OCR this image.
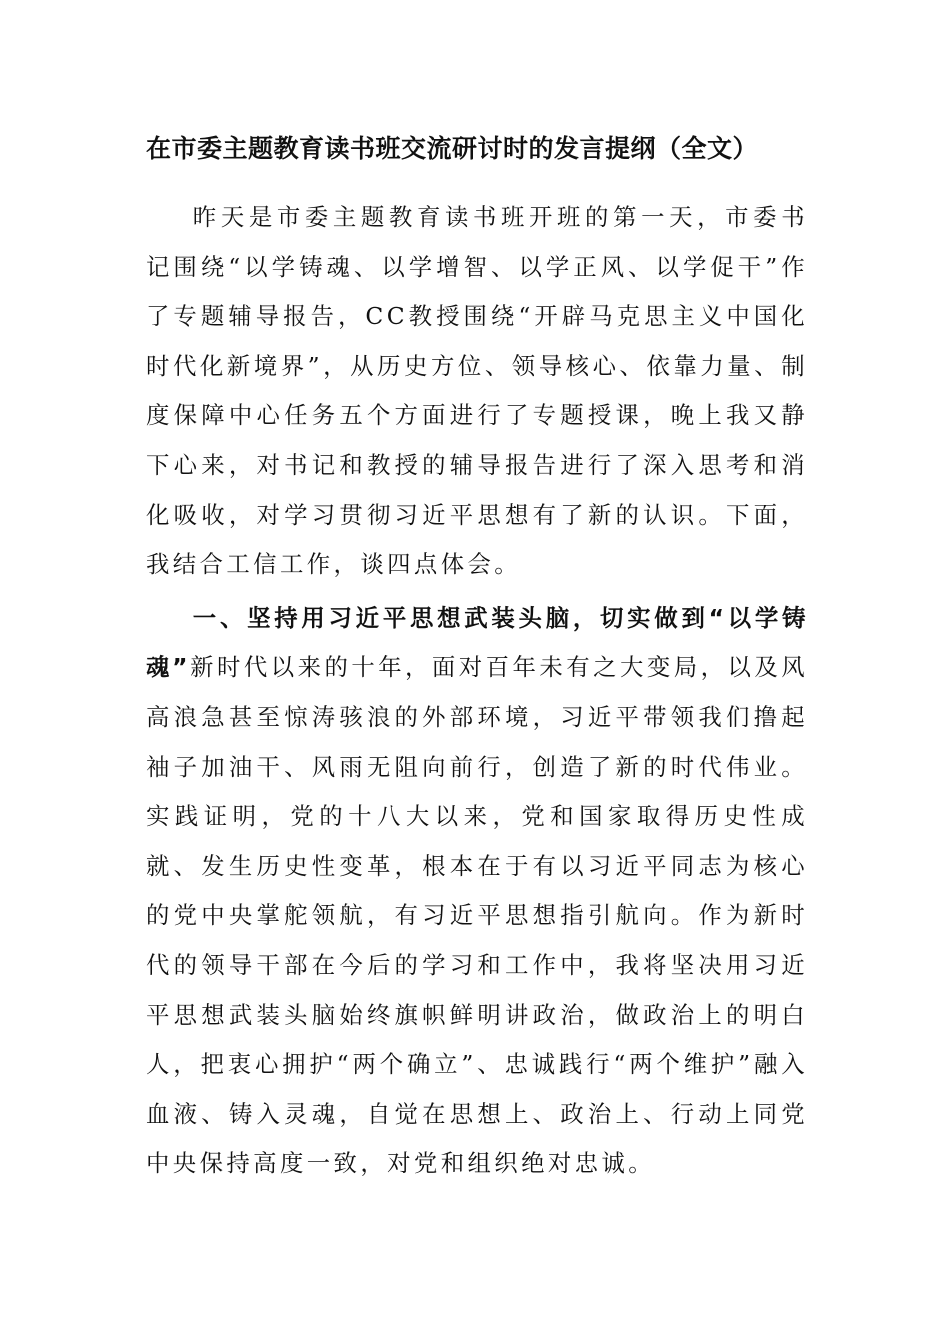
在市委主题教育读书班交流研讨时的发言提纲（全文）

昨天是市委主题教育读书班开班的第一天，市委书记围绕“以学铸魂、以学增智、以学正风、以学促干”作了专题辅导报告，CC教授围绕“开辟马克思主义中国化时代化新境界”，从历史方位、领导核心、依靠力量、制度保障中心任务五个方面进行了专题授课，晚上我又静下心来，对书记和教授的辅导报告进行了深入思考和消化吸收，对学习贯彻习近平思想有了新的认识。下面，我结合工信工作，谈四点体会。

一、坚持用习近平思想武装头脑，切实做到“以学铸魂”新时代以来的十年，面对百年未有之大变局，以及风高浪急甚至惊涛骇浪的外部环境，习近平带领我们撸起袖子加油干、风雨无阻向前行，创造了新的时代伟业。实践证明，党的十八大以来，党和国家取得历史性成就、发生历史性变革，根本在于有以习近平同志为核心的党中央掌舵领航，有习近平思想指引航向。作为新时代的领导干部在今后的学习和工作中，我将坚决用习近平思想武装头脑始终旗帜鲜明讲政治，做政治上的明白人，把衷心拥护“两个确立”、忠诚践行“两个维护”融入血液、铸入灵魂，自觉在思想上、政治上、行动上同党中央保持高度一致，对党和组织绝对忠诚。
